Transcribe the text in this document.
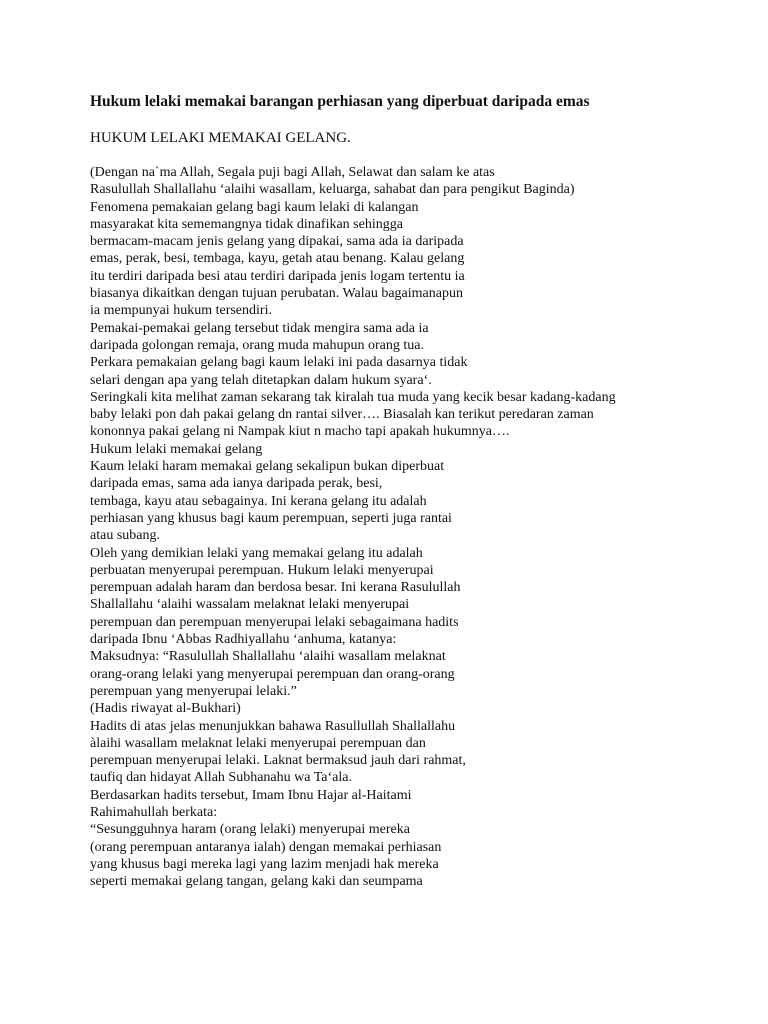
Hukum lelaki memakai barangan perhiasan yang diperbuat daripada emas

HUKUM LELAKI MEMAKAI GELANG.

(Dengan na`ma Allah, Segala puji bagi Allah, Selawat dan salam ke atas
Rasulullah Shallallahu ‘alaihi wasallam, keluarga, sahabat dan para pengikut Baginda)
Fenomena pemakaian gelang bagi kaum lelaki di kalangan
masyarakat kita sememangnya tidak dinafikan sehingga
bermacam-macam jenis gelang yang dipakai, sama ada ia daripada
emas, perak, besi, tembaga, kayu, getah atau benang. Kalau gelang
itu terdiri daripada besi atau terdiri daripada jenis logam tertentu ia
biasanya dikaitkan dengan tujuan perubatan. Walau bagaimanapun
ia mempunyai hukum tersendiri.
Pemakai-pemakai gelang tersebut tidak mengira sama ada ia
daripada golongan remaja, orang muda mahupun orang tua.
Perkara pemakaian gelang bagi kaum lelaki ini pada dasarnya tidak
selari dengan apa yang telah ditetapkan dalam hukum syara‘.
Seringkali kita melihat zaman sekarang tak kiralah tua muda yang kecik besar kadang-kadang
baby lelaki pon dah pakai gelang dn rantai silver…. Biasalah kan terikut peredaran zaman
kononnya pakai gelang ni Nampak kiut n macho tapi apakah hukumnya….
Hukum lelaki memakai gelang
Kaum lelaki haram memakai gelang sekalipun bukan diperbuat
daripada emas, sama ada ianya daripada perak, besi,
tembaga, kayu atau sebagainya. Ini kerana gelang itu adalah
perhiasan yang khusus bagi kaum perempuan, seperti juga rantai
atau subang.
Oleh yang demikian lelaki yang memakai gelang itu adalah
perbuatan menyerupai perempuan. Hukum lelaki menyerupai
perempuan adalah haram dan berdosa besar. Ini kerana Rasulullah
Shallallahu ‘alaihi wassalam melaknat lelaki menyerupai
perempuan dan perempuan menyerupai lelaki sebagaimana hadits
daripada Ibnu ‘Abbas Radhiyallahu ‘anhuma, katanya:
Maksudnya: “Rasulullah Shallallahu ‘alaihi wasallam melaknat
orang-orang lelaki yang menyerupai perempuan dan orang-orang
perempuan yang menyerupai lelaki.”
(Hadis riwayat al-Bukhari)
Hadits di atas jelas menunjukkan bahawa Rasullullah Shallallahu
àlaihi wasallam melaknat lelaki menyerupai perempuan dan
perempuan menyerupai lelaki. Laknat bermaksud jauh dari rahmat,
taufiq dan hidayat Allah Subhanahu wa Ta‘ala.
Berdasarkan hadits tersebut, Imam Ibnu Hajar al-Haitami
Rahimahullah berkata:
“Sesungguhnya haram (orang lelaki) menyerupai mereka
(orang perempuan antaranya ialah) dengan memakai perhiasan
yang khusus bagi mereka lagi yang lazim menjadi hak mereka
seperti memakai gelang tangan, gelang kaki dan seumpama
